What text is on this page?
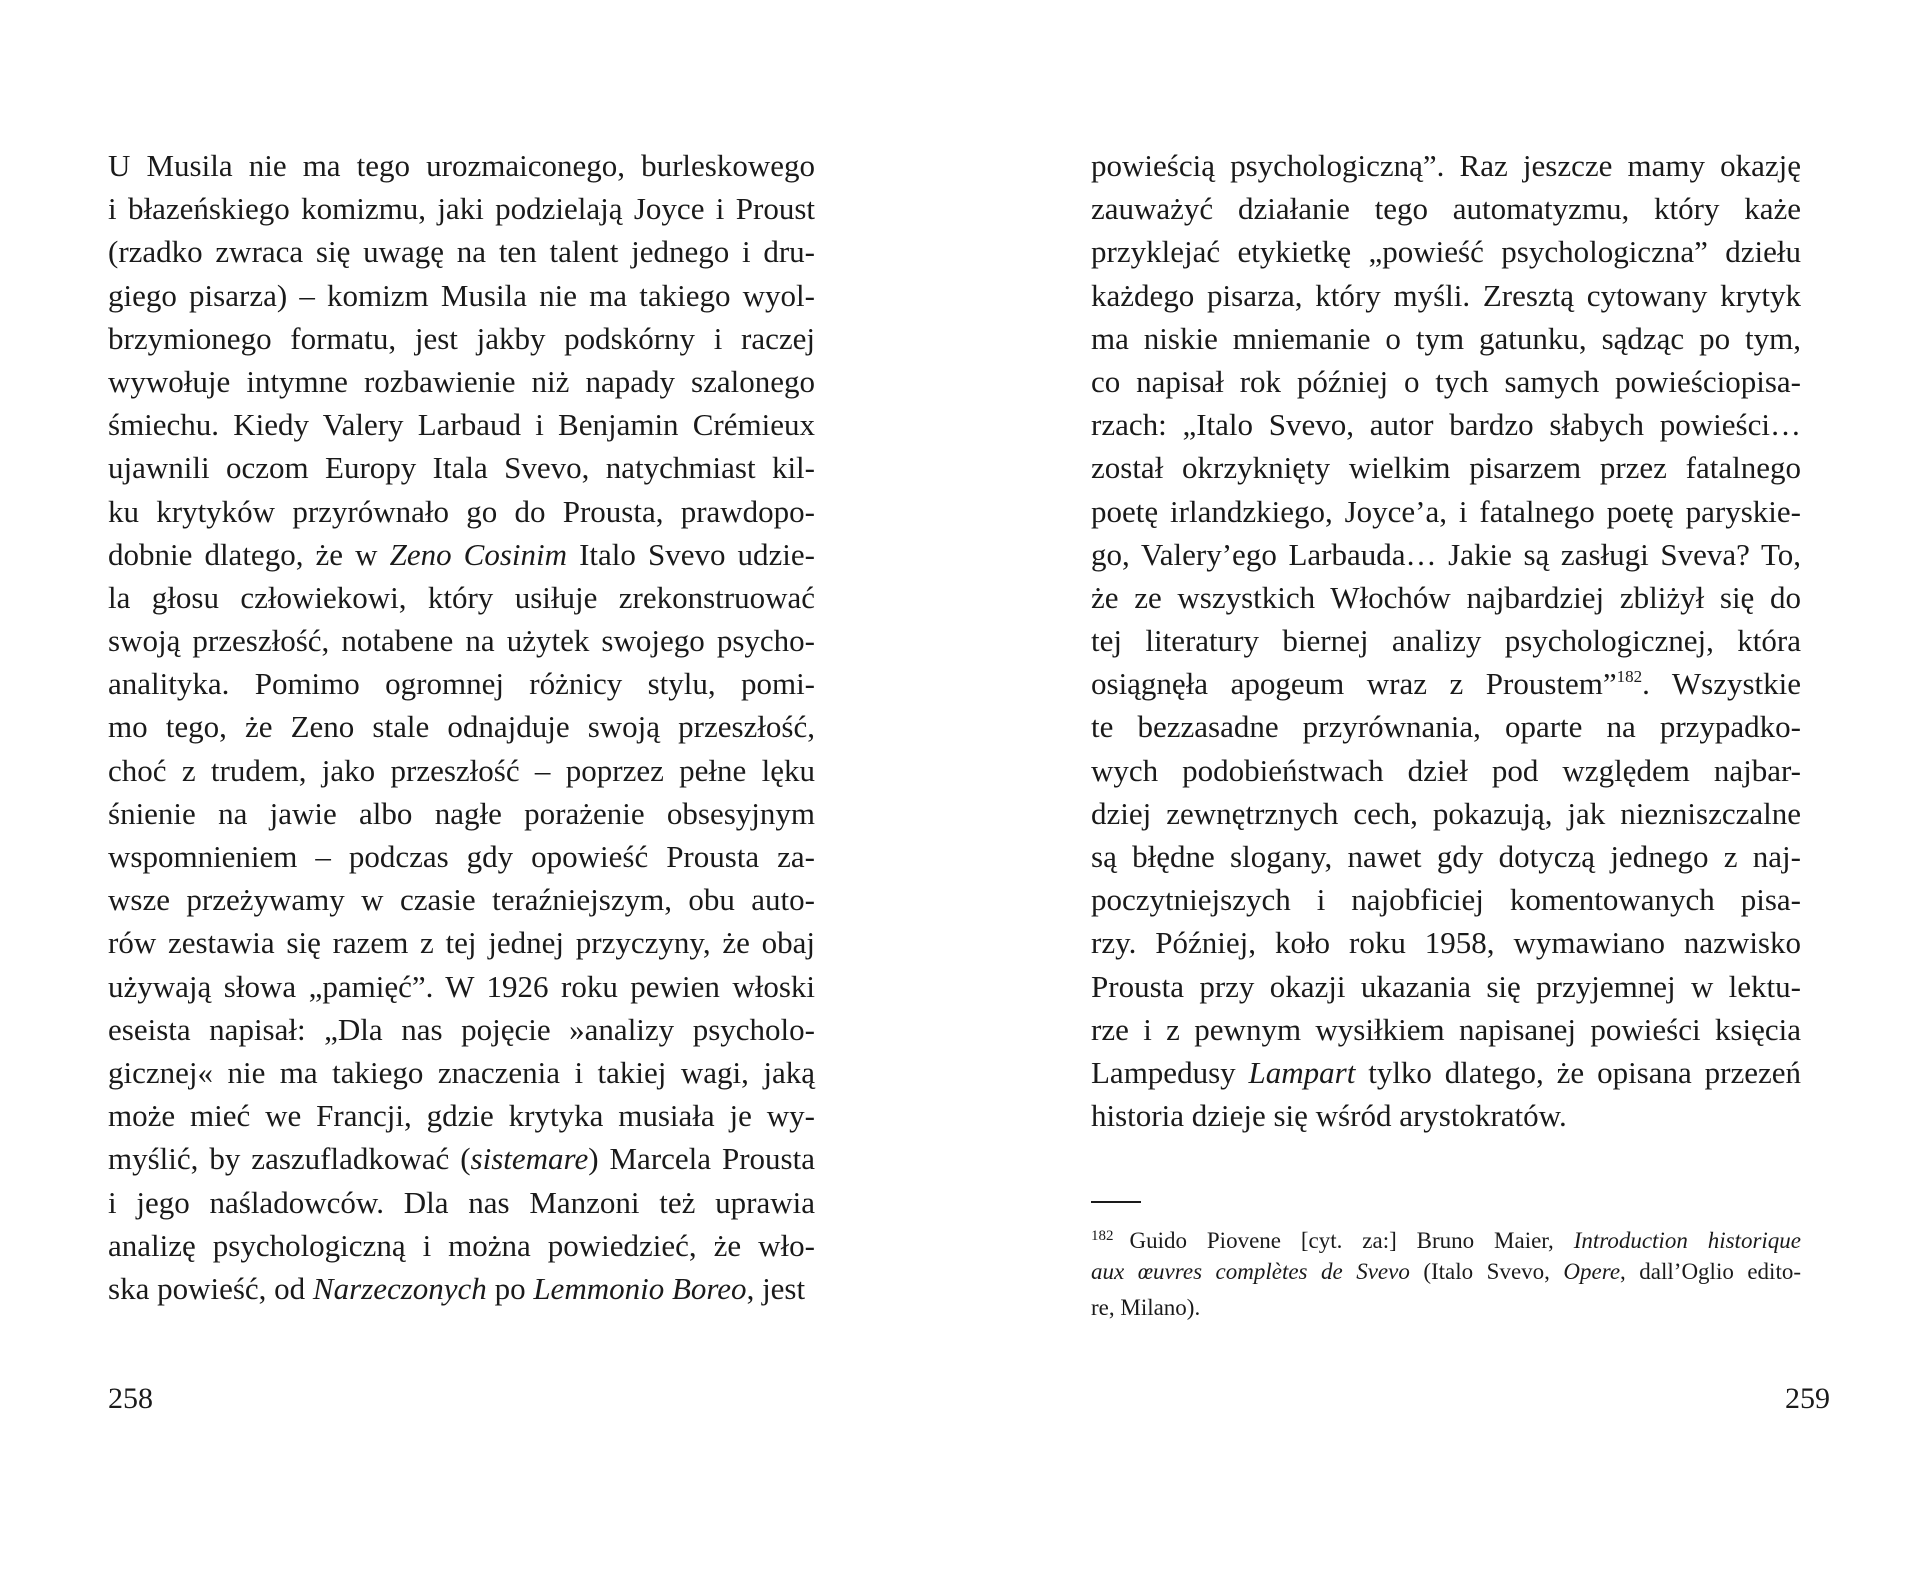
U Musila nie ma tego urozmaiconego, burleskowego
i błazeńskiego komizmu, jaki podzielają Joyce i Proust
(rzadko zwraca się uwagę na ten talent jednego i dru-
giego pisarza) – komizm Musila nie ma takiego wyol-
brzymionego formatu, jest jakby podskórny i raczej
wywołuje intymne rozbawienie niż napady szalonego
śmiechu. Kiedy Valery Larbaud i Benjamin Crémieux
ujawnili oczom Europy Itala Svevo, natychmiast kil-
ku krytyków przyrównało go do Prousta, prawdopo-
dobnie dlatego, że w Zeno Cosinim Italo Svevo udzie-
la głosu człowiekowi, który usiłuje zrekonstruować
swoją przeszłość, notabene na użytek swojego psycho-
analityka. Pomimo ogromnej różnicy stylu, pomi-
mo tego, że Zeno stale odnajduje swoją przeszłość,
choć z trudem, jako przeszłość – poprzez pełne lęku
śnienie na jawie albo nagłe porażenie obsesyjnym
wspomnieniem – podczas gdy opowieść Prousta za-
wsze przeżywamy w czasie teraźniejszym, obu auto-
rów zestawia się razem z tej jednej przyczyny, że obaj
używają słowa „pamięć”. W 1926 roku pewien włoski
eseista napisał: „Dla nas pojęcie »analizy psycholo-
gicznej« nie ma takiego znaczenia i takiej wagi, jaką
może mieć we Francji, gdzie krytyka musiała je wy-
myślić, by zaszufladkować (sistemare) Marcela Prousta
i jego naśladowców. Dla nas Manzoni też uprawia
analizę psychologiczną i można powiedzieć, że wło-
ska powieść, od Narzeczonych po Lemmonio Boreo, jest
258
powieścią psychologiczną”. Raz jeszcze mamy okazję
zauważyć działanie tego automatyzmu, który każe
przyklejać etykietkę „powieść psychologiczna” dziełu
każdego pisarza, który myśli. Zresztą cytowany krytyk
ma niskie mniemanie o tym gatunku, sądząc po tym,
co napisał rok później o tych samych powieściopisa-
rzach: „Italo Svevo, autor bardzo słabych powieści…
został okrzyknięty wielkim pisarzem przez fatalnego
poetę irlandzkiego, Joyce’a, i fatalnego poetę paryskie-
go, Valery’ego Larbauda… Jakie są zasługi Sveva? To,
że ze wszystkich Włochów najbardziej zbliżył się do
tej literatury biernej analizy psychologicznej, która
osiągnęła apogeum wraz z Proustem”$^{182}$. Wszystkie
te bezzasadne przyrównania, oparte na przypadko-
wych podobieństwach dzieł pod względem najbar-
dziej zewnętrznych cech, pokazują, jak niezniszczalne
są błędne slogany, nawet gdy dotyczą jednego z naj-
poczytniejszych i najobficiej komentowanych pisa-
rzy. Później, koło roku 1958, wymawiano nazwisko
Prousta przy okazji ukazania się przyjemnej w lektu-
rze i z pewnym wysiłkiem napisanej powieści księcia
Lampedusy Lampart tylko dlatego, że opisana przezeń
historia dzieje się wśród arystokratów.
$^{182}$ Guido Piovene [cyt. za:] Bruno Maier, Introduction historique
aux œuvres complètes de Svevo (Italo Svevo, Opere, dall’Oglio edito-
re, Milano).
259
